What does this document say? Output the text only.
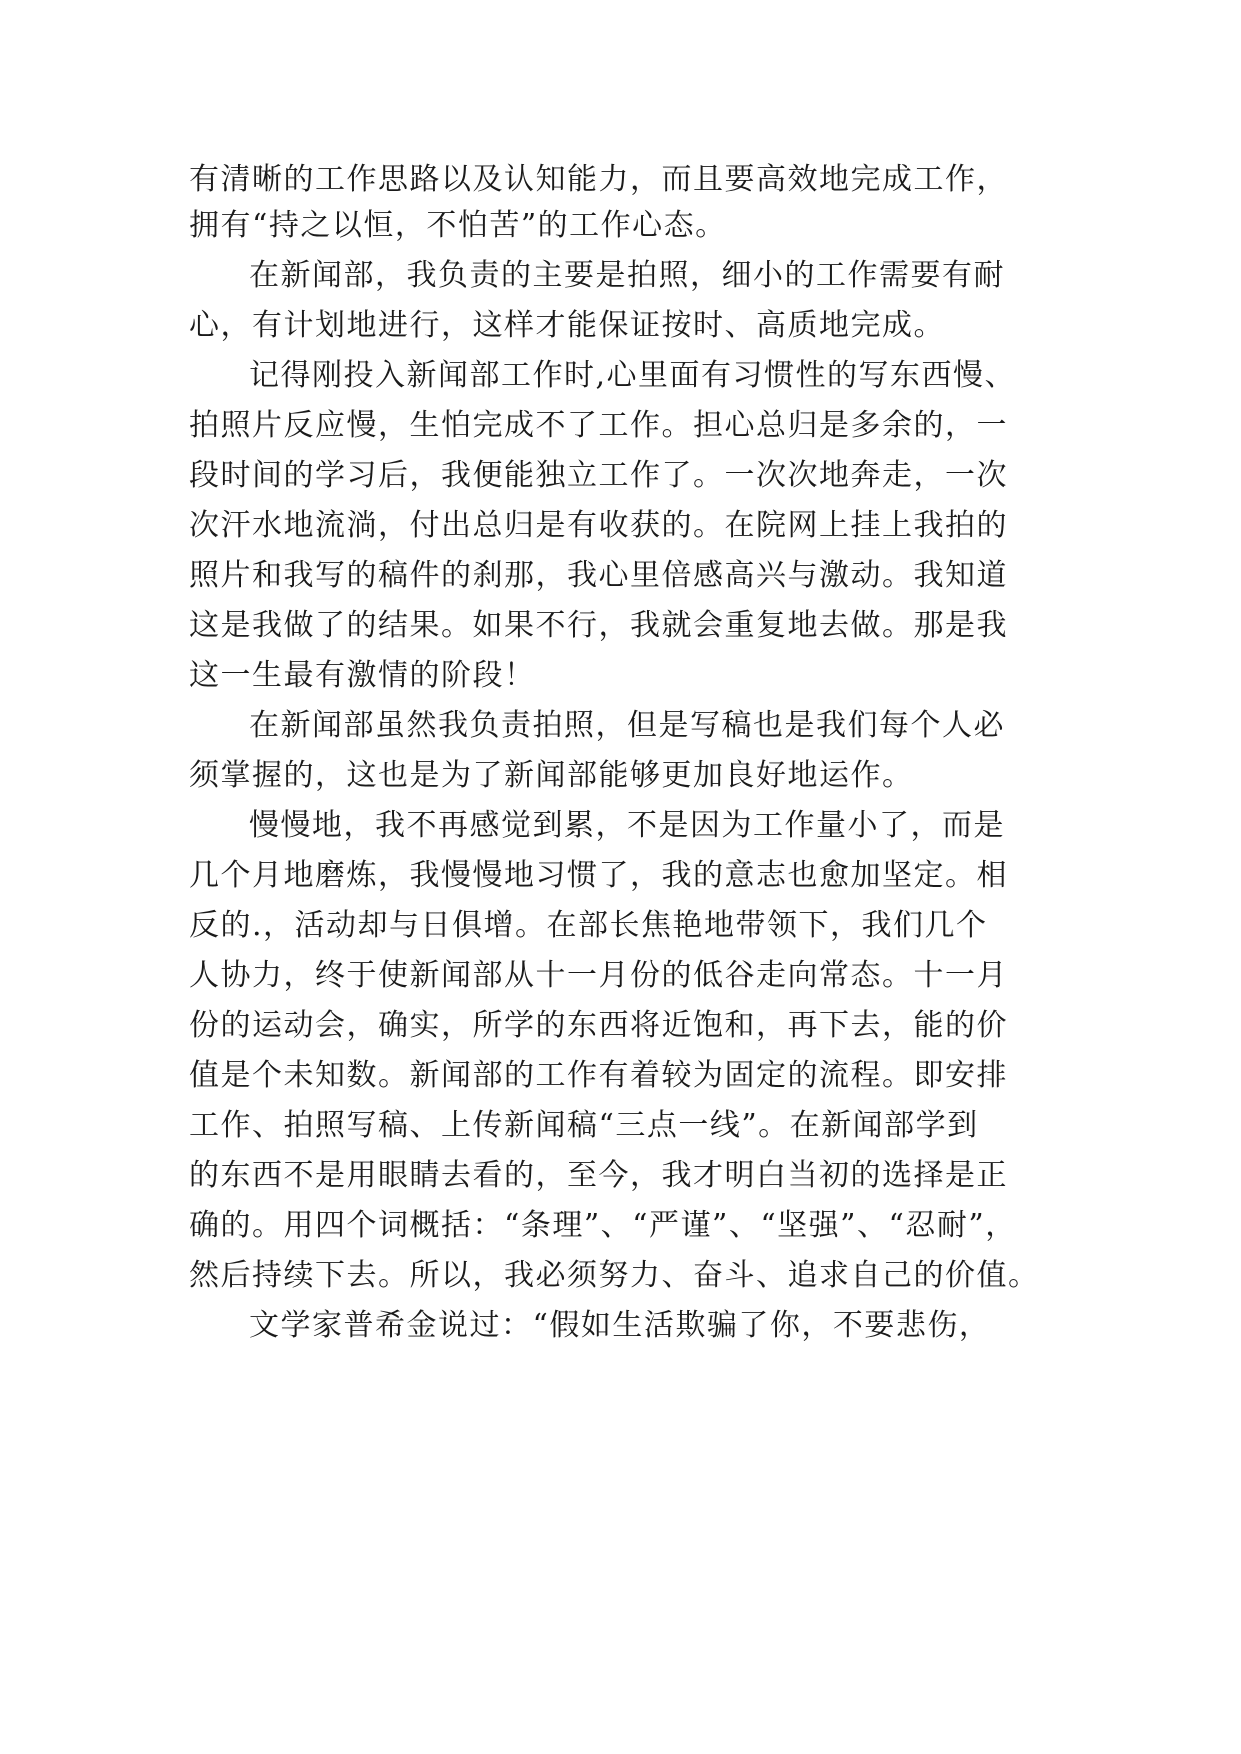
有清晰的工作思路以及认知能力，而且要高效地完成工作，
拥有“持之以恒，不怕苦”的工作心态。
在新闻部，我负责的主要是拍照，细小的工作需要有耐
心，有计划地进行，这样才能保证按时、高质地完成。
记得刚投入新闻部工作时,心里面有习惯性的写东西慢、
拍照片反应慢，生怕完成不了工作。担心总归是多余的，一
段时间的学习后，我便能独立工作了。一次次地奔走，一次
次汗水地流淌，付出总归是有收获的。在院网上挂上我拍的
照片和我写的稿件的刹那，我心里倍感高兴与激动。我知道
这是我做了的结果。如果不行，我就会重复地去做。那是我
这一生最有激情的阶段！
在新闻部虽然我负责拍照，但是写稿也是我们每个人必
须掌握的，这也是为了新闻部能够更加良好地运作。
慢慢地，我不再感觉到累，不是因为工作量小了，而是
几个月地磨炼，我慢慢地习惯了，我的意志也愈加坚定。相
反的.，活动却与日俱增。在部长焦艳地带领下，我们几个
人协力，终于使新闻部从十一月份的低谷走向常态。十一月
份的运动会，确实，所学的东西将近饱和，再下去，能的价
值是个未知数。新闻部的工作有着较为固定的流程。即安排
工作、拍照写稿、上传新闻稿“三点一线”。在新闻部学到
的东西不是用眼睛去看的，至今，我才明白当初的选择是正
确的。用四个词概括：“条理”、“严谨”、“坚强”、“忍耐”，
然后持续下去。所以，我必须努力、奋斗、追求自己的价值。
文学家普希金说过：“假如生活欺骗了你，不要悲伤，
